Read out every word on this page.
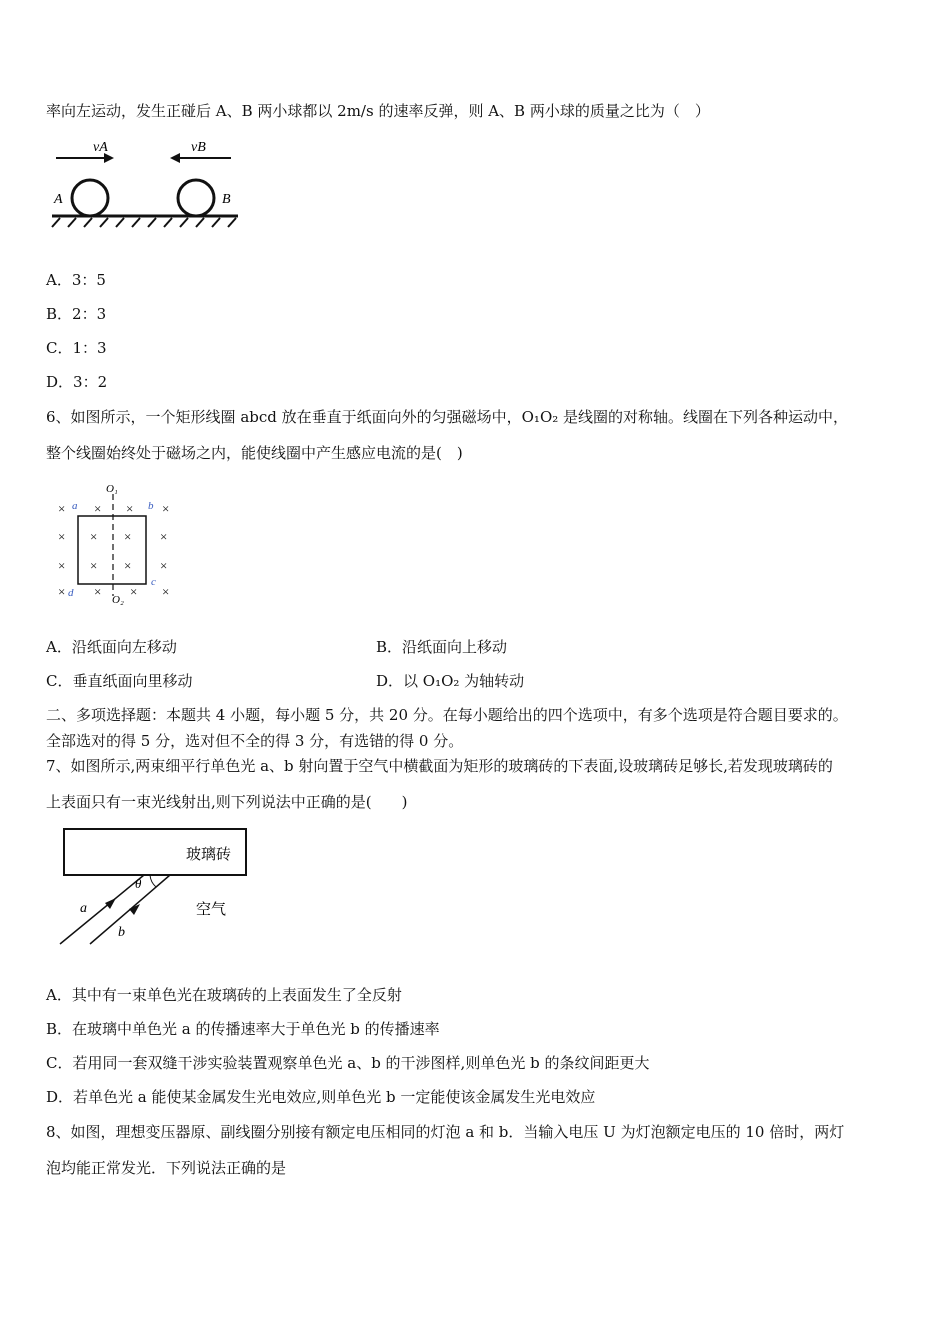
率向左运动，发生正碰后 A、B 两小球都以 2m/s 的速率反弹，则 A、B 两小球的质量之比为（　）
vA	vB
A	B
A．3：5
B．2：3
C．1：3
D．3：2
6、如图所示，一个矩形线圈 abcd 放在垂直于纸面向外的匀强磁场中，O₁O₂ 是线圈的对称轴。线圈在下列各种运动中，
整个线圈始终处于磁场之内，能使线圈中产生感应电流的是(　)
O₁
O₂
a	b
c
d
× × × ×
× × × ×
× × × ×
× × × ×
A．沿纸面向左移动	B．沿纸面向上移动
C．垂直纸面向里移动	D．以 O₁O₂ 为轴转动
二、多项选择题：本题共 4 小题，每小题 5 分，共 20 分。在每小题给出的四个选项中，有多个选项是符合题目要求的。
全部选对的得 5 分，选对但不全的得 3 分，有选错的得 0 分。
7、如图所示,两束细平行单色光 a、b 射向置于空气中横截面为矩形的玻璃砖的下表面,设玻璃砖足够长,若发现玻璃砖的
上表面只有一束光线射出,则下列说法中正确的是(　　)
玻璃砖
空气
θ
a
b
A．其中有一束单色光在玻璃砖的上表面发生了全反射
B．在玻璃中单色光 a 的传播速率大于单色光 b 的传播速率
C．若用同一套双缝干涉实验装置观察单色光 a、b 的干涉图样,则单色光 b 的条纹间距更大
D．若单色光 a 能使某金属发生光电效应,则单色光 b 一定能使该金属发生光电效应
8、如图，理想变压器原、副线圈分别接有额定电压相同的灯泡 a 和 b．当输入电压 U 为灯泡额定电压的 10 倍时，两灯
泡均能正常发光．下列说法正确的是
